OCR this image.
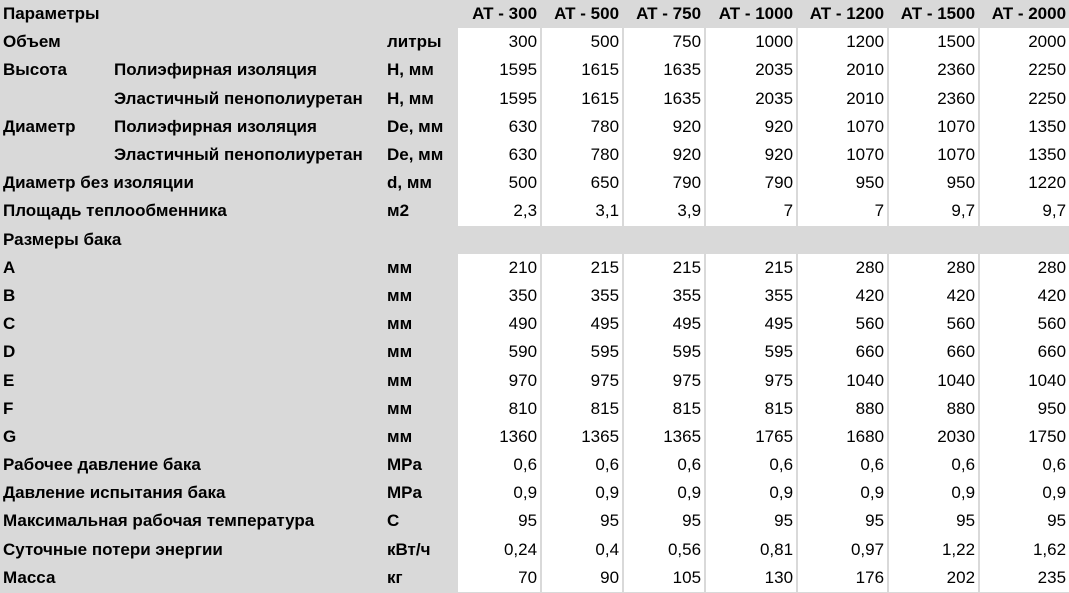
Параметры			AT - 300	AT - 500	AT - 750	AT - 1000	AT - 1200	AT - 1500	AT - 2000
Объем		литры	300	500	750	1000	1200	1500	2000
Высота	Полиэфирная изоляция	H, мм	1595	1615	1635	2035	2010	2360	2250
	Эластичный пенополиуретан	H, мм	1595	1615	1635	2035	2010	2360	2250
Диаметр	Полиэфирная изоляция	De, мм	630	780	920	920	1070	1070	1350
	Эластичный пенополиуретан	De, мм	630	780	920	920	1070	1070	1350
Диаметр без изоляции		d, мм	500	650	790	790	950	950	1220
Площадь теплообменника		м2	2,3	3,1	3,9	7	7	9,7	9,7
Размеры бака									
A		мм	210	215	215	215	280	280	280
B		мм	350	355	355	355	420	420	420
C		мм	490	495	495	495	560	560	560
D		мм	590	595	595	595	660	660	660
E		мм	970	975	975	975	1040	1040	1040
F		мм	810	815	815	815	880	880	950
G		мм	1360	1365	1365	1765	1680	2030	1750
Рабочее давление бака		MPa	0,6	0,6	0,6	0,6	0,6	0,6	0,6
Давление испытания бака		MPa	0,9	0,9	0,9	0,9	0,9	0,9	0,9
Максимальная рабочая температура		C	95	95	95	95	95	95	95
Суточные потери энергии		кВт/ч	0,24	0,4	0,56	0,81	0,97	1,22	1,62
Масса		кг	70	90	105	130	176	202	235
